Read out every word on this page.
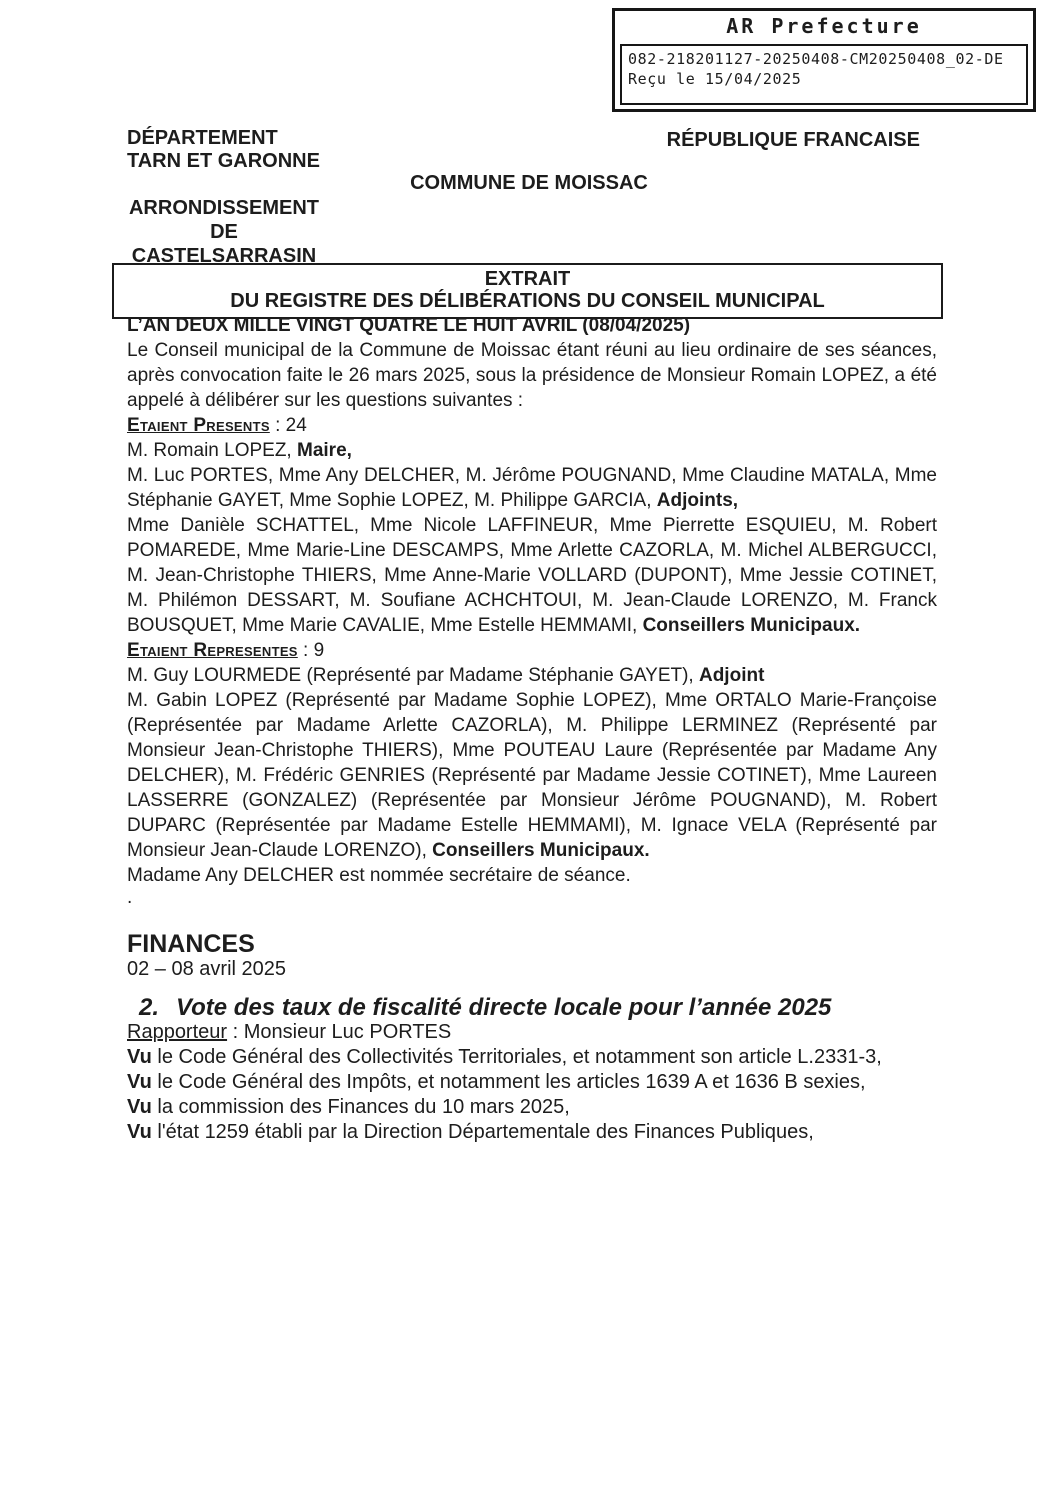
AR Prefecture
082-218201127-20250408-CM20250408_02-DE
Reçu le 15/04/2025
DÉPARTEMENT
TARN ET GARONNE
RÉPUBLIQUE FRANCAISE
COMMUNE DE MOISSAC
ARRONDISSEMENT
DE
CASTELSARRASIN
EXTRAIT
DU REGISTRE DES DÉLIBÉRATIONS DU CONSEIL MUNICIPAL

L’AN DEUX MILLE VINGT QUATRE LE HUIT AVRIL (08/04/2025)

Le Conseil municipal de la Commune de Moissac étant réuni au lieu ordinaire de ses séances, après convocation faite le 26 mars 2025, sous la présidence de Monsieur Romain LOPEZ, a été appelé à délibérer sur les questions suivantes :

Etaient Presents : 24

M. Romain LOPEZ, Maire,

M. Luc PORTES, Mme Any DELCHER, M. Jérôme POUGNAND, Mme Claudine MATALA, Mme Stéphanie GAYET, Mme Sophie LOPEZ, M. Philippe GARCIA, Adjoints,

Mme Danièle SCHATTEL, Mme Nicole LAFFINEUR, Mme Pierrette ESQUIEU, M. Robert POMAREDE, Mme Marie-Line DESCAMPS, Mme Arlette CAZORLA, M. Michel ALBERGUCCI, M. Jean-Christophe THIERS, Mme Anne-Marie VOLLARD (DUPONT), Mme Jessie COTINET, M. Philémon DESSART, M. Soufiane ACHCHTOUI, M. Jean-Claude LORENZO, M. Franck BOUSQUET, Mme Marie CAVALIE, Mme Estelle HEMMAMI, Conseillers Municipaux.

Etaient Representes : 9

M. Guy LOURMEDE (Représenté par Madame Stéphanie GAYET), Adjoint

M. Gabin LOPEZ (Représenté par Madame Sophie LOPEZ), Mme ORTALO Marie-Françoise (Représentée par Madame Arlette CAZORLA), M. Philippe LERMINEZ (Représenté par Monsieur Jean-Christophe THIERS), Mme POUTEAU Laure (Représentée par Madame Any DELCHER), M. Frédéric GENRIES (Représenté par Madame Jessie COTINET), Mme Laureen LASSERRE (GONZALEZ) (Représentée par Monsieur Jérôme POUGNAND), M. Robert DUPARC (Représentée par Madame Estelle HEMMAMI), M. Ignace VELA (Représenté par Monsieur Jean-Claude LORENZO), Conseillers Municipaux.

Madame Any DELCHER est nommée secrétaire de séance.

.

FINANCES

02 – 08 avril 2025

2. Vote des taux de fiscalité directe locale pour l’année 2025

Rapporteur : Monsieur Luc PORTES

Vu le Code Général des Collectivités Territoriales, et notamment son article L.2331-3,

Vu le Code Général des Impôts, et notamment les articles 1639 A et 1636 B sexies,

Vu la commission des Finances du 10 mars 2025,

Vu l'état 1259 établi par la Direction Départementale des Finances Publiques,
